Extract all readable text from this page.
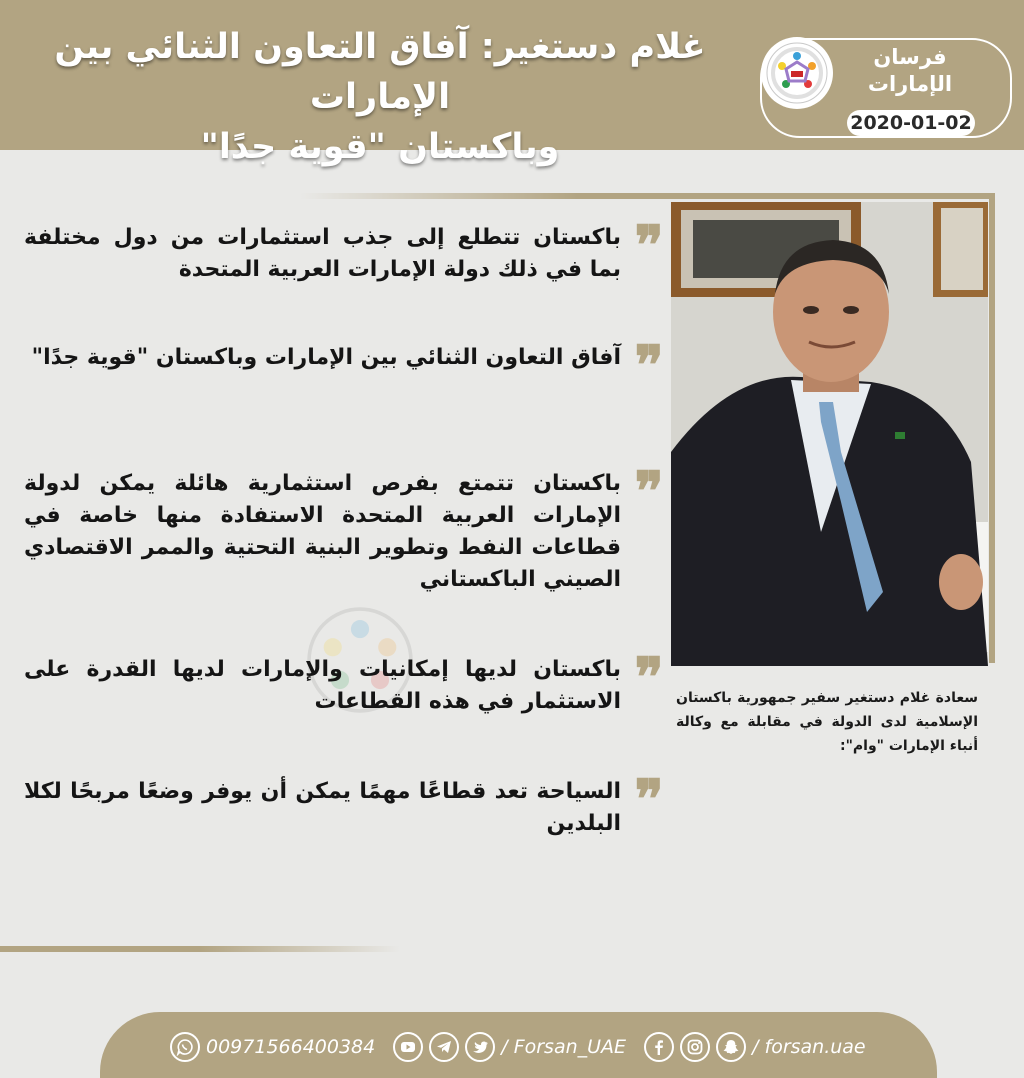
غلام دستغير: آفاق التعاون الثنائي بين الإمارات
وباكستان "قوية جدًا"
فرسان
الإمارات
2020-01-02
سعادة غلام دستغير سفير جمهورية باكستان الإسلامية لدى الدولة في مقابلة مع وكالة أنباء الإمارات "وام":
❞
باكستان تتطلع إلى جذب استثمارات من دول مختلفة بما في ذلك دولة الإمارات العربية المتحدة
❞
آفاق التعاون الثنائي بين الإمارات وباكستان "قوية جدًا"
❞
باكستان تتمتع بفرص استثمارية هائلة يمكن لدولة الإمارات العربية المتحدة الاستفادة منها خاصة في قطاعات النفط وتطوير البنية التحتية والممر الاقتصادي الصيني الباكستاني
❞
باكستان لديها إمكانيات والإمارات لديها القدرة على الاستثمار في هذه القطاعات
❞
السياحة تعد قطاعًا مهمًا يمكن أن يوفر وضعًا مربحًا لكلا البلدين
00971566400384	/ Forsan_UAE	/ forsan.uae
